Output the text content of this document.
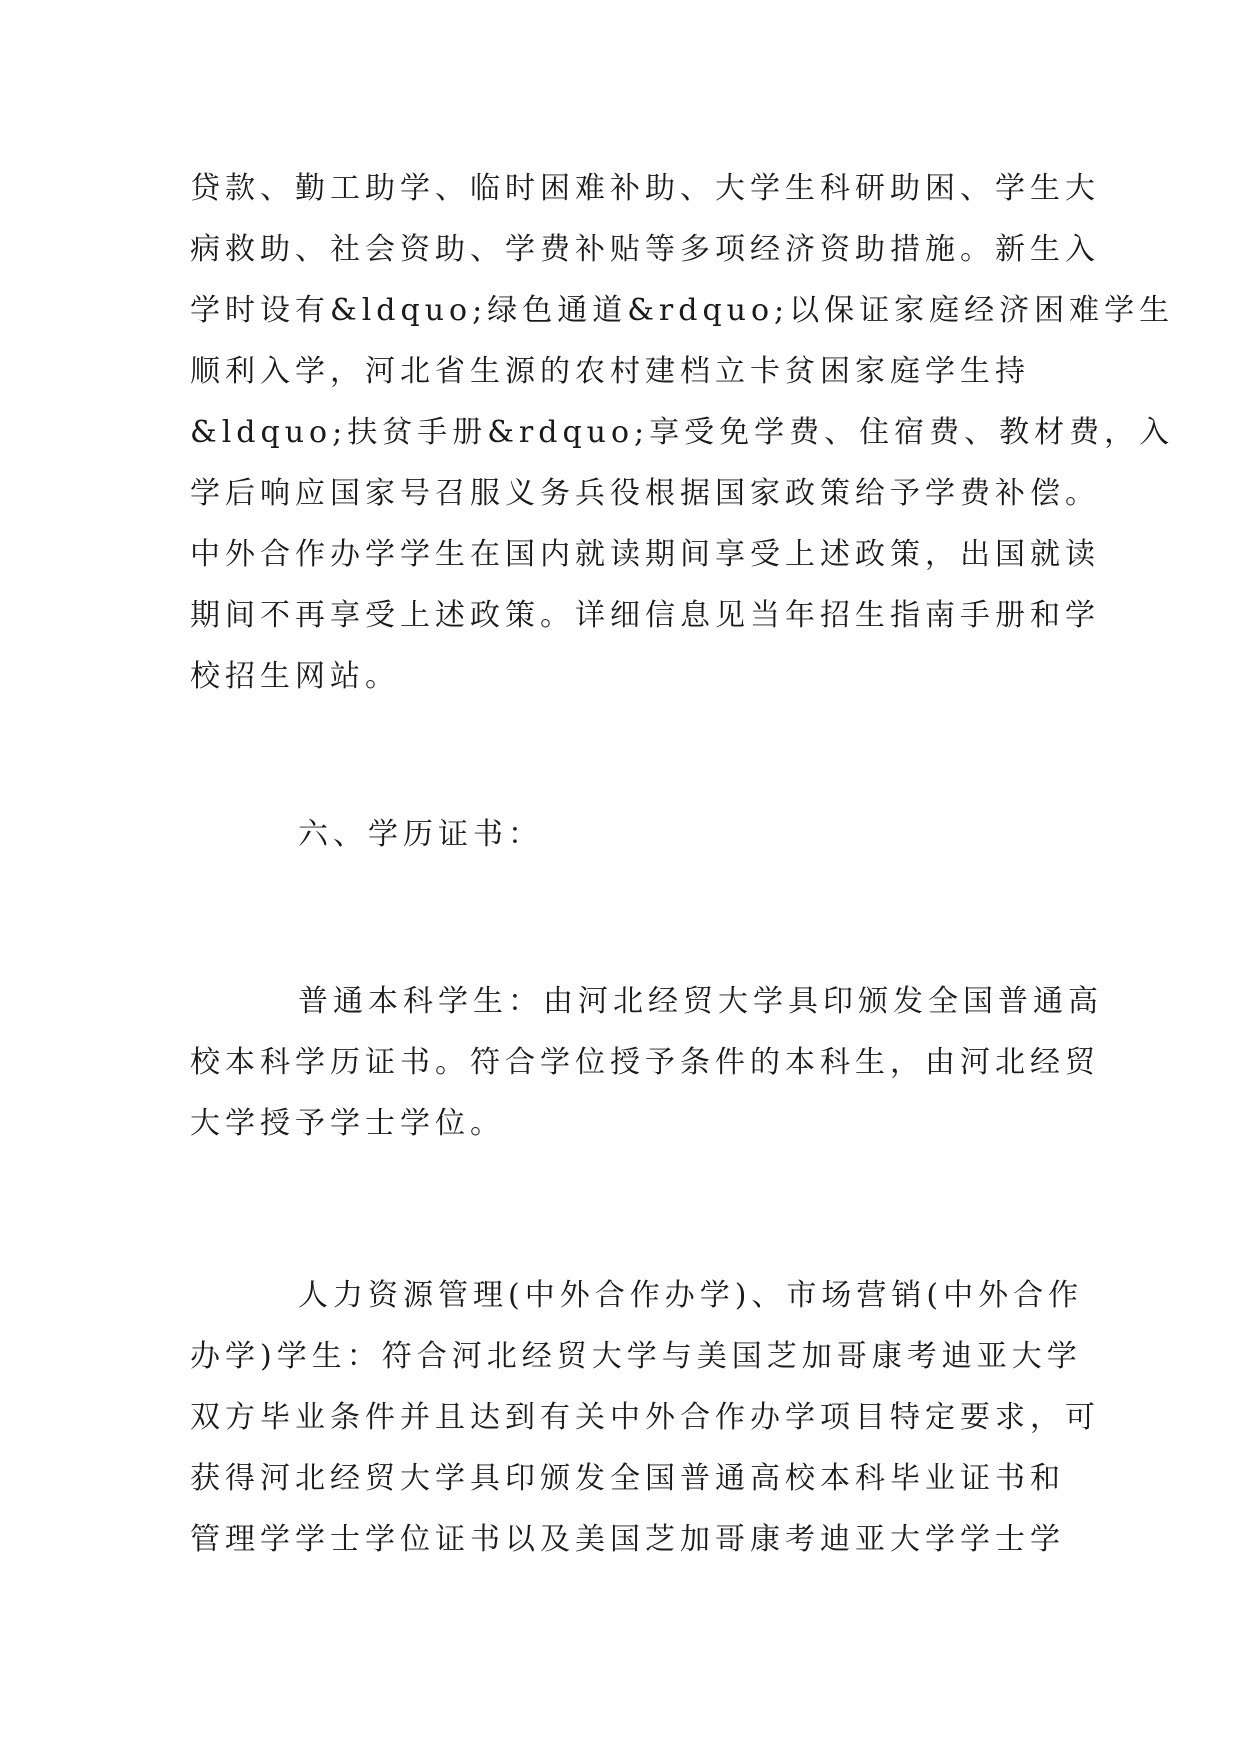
贷款、勤工助学、临时困难补助、大学生科研助困、学生大
病救助、社会资助、学费补贴等多项经济资助措施。新生入
学时设有&ldquo;绿色通道&rdquo;以保证家庭经济困难学生
顺利入学，河北省生源的农村建档立卡贫困家庭学生持
&ldquo;扶贫手册&rdquo;享受免学费、住宿费、教材费，入
学后响应国家号召服义务兵役根据国家政策给予学费补偿。
中外合作办学学生在国内就读期间享受上述政策，出国就读
期间不再享受上述政策。详细信息见当年招生指南手册和学
校招生网站。
六、学历证书：
普通本科学生：由河北经贸大学具印颁发全国普通高
校本科学历证书。符合学位授予条件的本科生，由河北经贸
大学授予学士学位。
人力资源管理(中外合作办学)、市场营销(中外合作
办学)学生：符合河北经贸大学与美国芝加哥康考迪亚大学
双方毕业条件并且达到有关中外合作办学项目特定要求，可
获得河北经贸大学具印颁发全国普通高校本科毕业证书和
管理学学士学位证书以及美国芝加哥康考迪亚大学学士学
